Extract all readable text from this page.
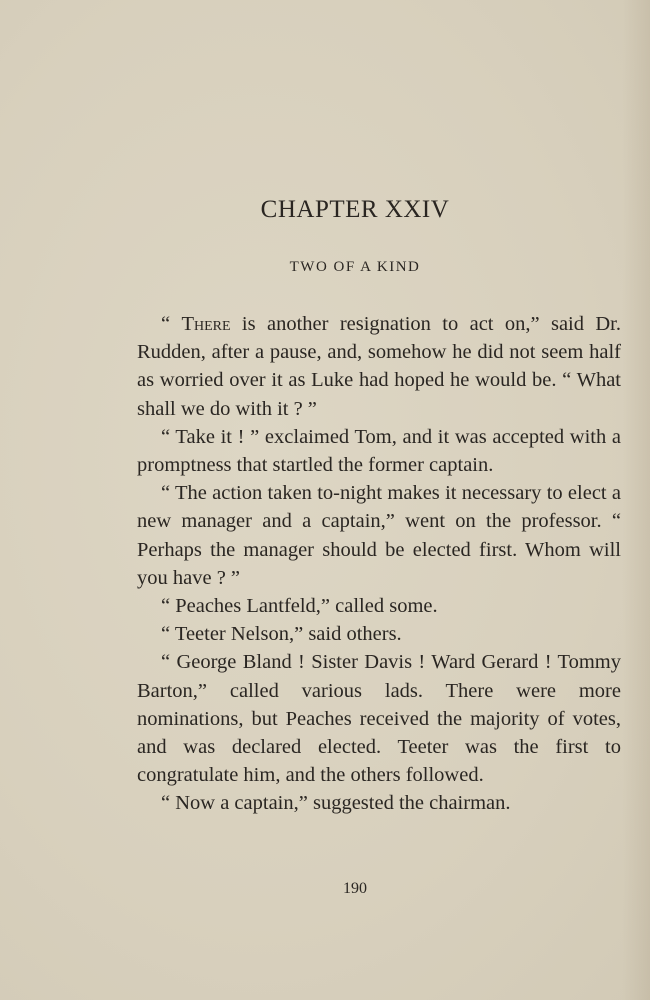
CHAPTER XXIV
TWO OF A KIND

“ There is another resignation to act on,” said Dr. Rudden, after a pause, and, somehow he did not seem half as worried over it as Luke had hoped he would be. “ What shall we do with it ? ”

“ Take it ! ” exclaimed Tom, and it was accepted with a promptness that startled the former captain.

“ The action taken to-night makes it necessary to elect a new manager and a captain,” went on the professor. “ Perhaps the manager should be elected first. Whom will you have ? ”

“ Peaches Lantfeld,” called some.

“ Teeter Nelson,” said others.

“ George Bland ! Sister Davis ! Ward Gerard ! Tommy Barton,” called various lads. There were more nominations, but Peaches received the majority of votes, and was declared elected. Teeter was the first to congratulate him, and the others followed.

“ Now a captain,” suggested the chairman.

190
